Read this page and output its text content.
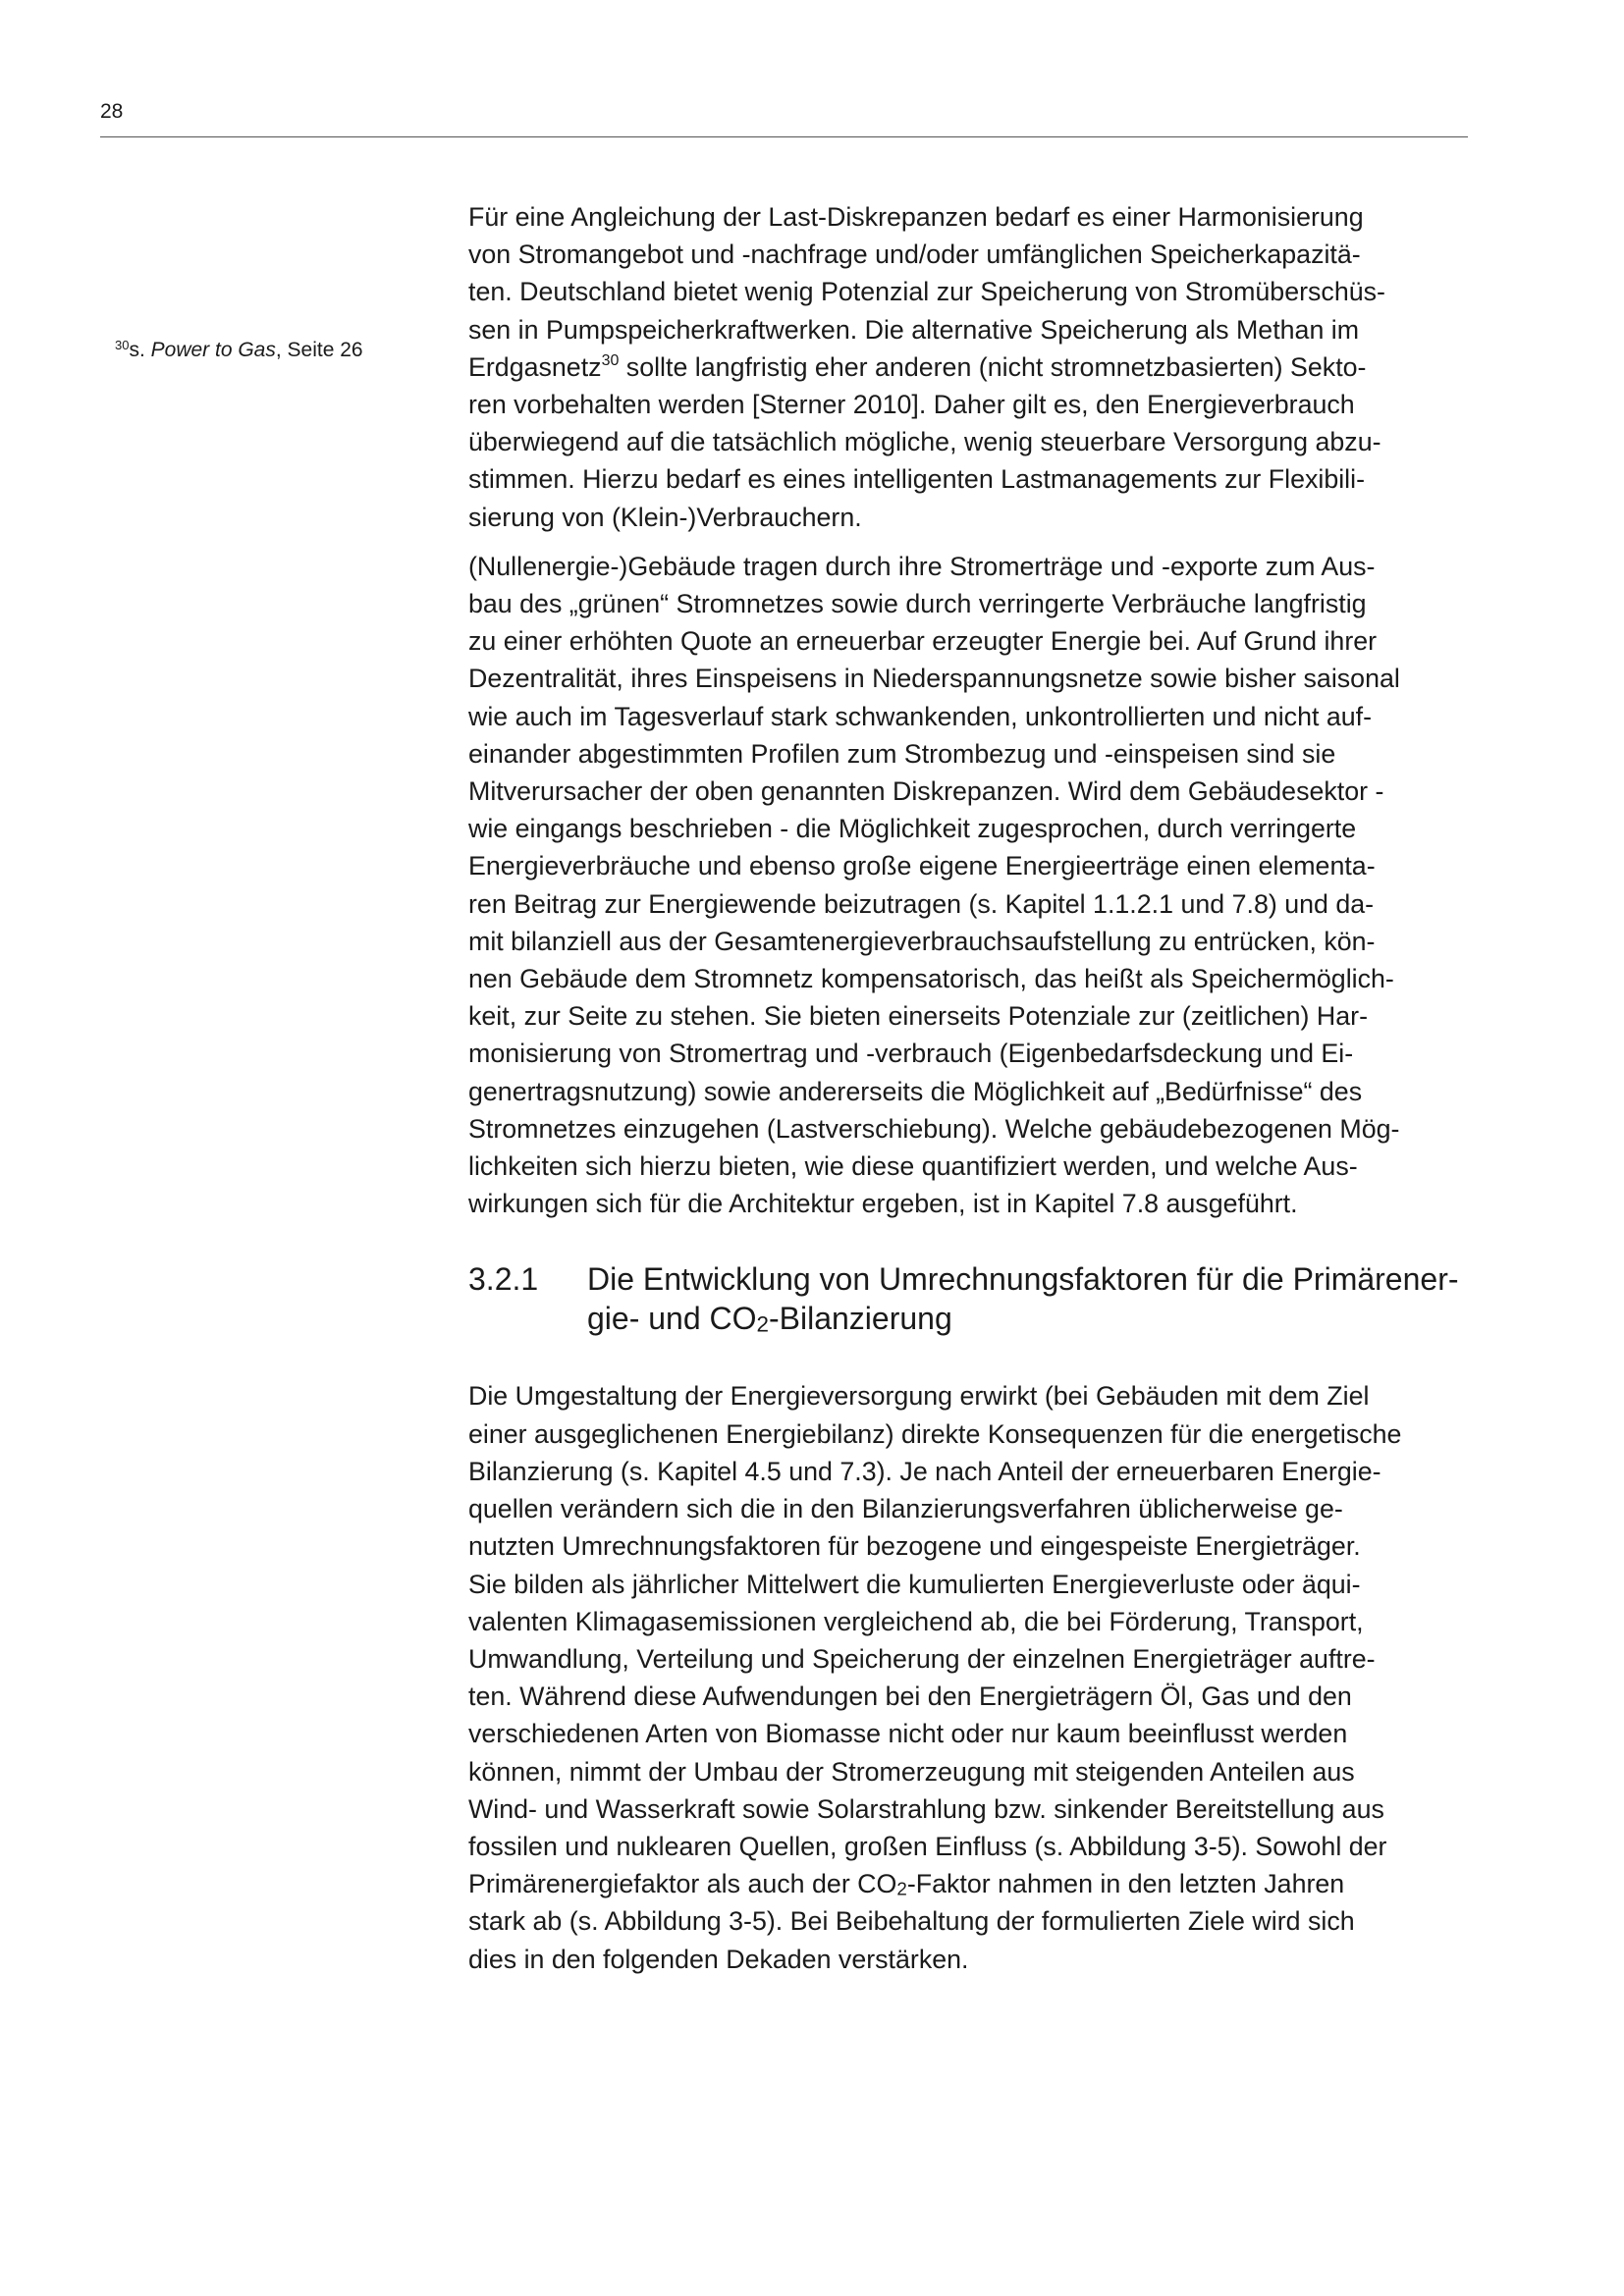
28
$^{30}$s. Power to Gas, Seite 26

Für eine Angleichung der Last-Diskrepanzen bedarf es einer Harmonisierung
von Stromangebot und -nachfrage und/oder umfänglichen Speicherkapazitä-
ten. Deutschland bietet wenig Potenzial zur Speicherung von Stromüberschüs-
sen in Pumpspeicherkraftwerken. Die alternative Speicherung als Methan im
Erdgasnetz$^{30}$ sollte langfristig eher anderen (nicht stromnetzbasierten) Sekto-
ren vorbehalten werden [Sterner 2010]. Daher gilt es, den Energieverbrauch
überwiegend auf die tatsächlich mögliche, wenig steuerbare Versorgung abzu-
stimmen. Hierzu bedarf es eines intelligenten Lastmanagements zur Flexibili-
sierung von (Klein-)Verbrauchern.

(Nullenergie-)Gebäude tragen durch ihre Stromerträge und -exporte zum Aus-
bau des „grünen“ Stromnetzes sowie durch verringerte Verbräuche langfristig
zu einer erhöhten Quote an erneuerbar erzeugter Energie bei. Auf Grund ihrer
Dezentralität, ihres Einspeisens in Niederspannungsnetze sowie bisher saisonal
wie auch im Tagesverlauf stark schwankenden, unkontrollierten und nicht auf-
einander abgestimmten Profilen zum Strombezug und -einspeisen sind sie
Mitverursacher der oben genannten Diskrepanzen. Wird dem Gebäudesektor -
wie eingangs beschrieben - die Möglichkeit zugesprochen, durch verringerte
Energieverbräuche und ebenso große eigene Energieerträge einen elementa-
ren Beitrag zur Energiewende beizutragen (s. Kapitel 1.1.2.1 und 7.8) und da-
mit bilanziell aus der Gesamtenergieverbrauchsaufstellung zu entrücken, kön-
nen Gebäude dem Stromnetz kompensatorisch, das heißt als Speichermöglich-
keit, zur Seite zu stehen. Sie bieten einerseits Potenziale zur (zeitlichen) Har-
monisierung von Stromertrag und -verbrauch (Eigenbedarfsdeckung und Ei-
genertragsnutzung) sowie andererseits die Möglichkeit auf „Bedürfnisse“ des
Stromnetzes einzugehen (Lastverschiebung). Welche gebäudebezogenen Mög-
lichkeiten sich hierzu bieten, wie diese quantifiziert werden, und welche Aus-
wirkungen sich für die Architektur ergeben, ist in Kapitel 7.8 ausgeführt.

3.2.1	Die Entwicklung von Umrechnungsfaktoren für die Primärener-
gie- und CO2-Bilanzierung

Die Umgestaltung der Energieversorgung erwirkt (bei Gebäuden mit dem Ziel
einer ausgeglichenen Energiebilanz) direkte Konsequenzen für die energetische
Bilanzierung (s. Kapitel 4.5 und 7.3). Je nach Anteil der erneuerbaren Energie-
quellen verändern sich die in den Bilanzierungsverfahren üblicherweise ge-
nutzten Umrechnungsfaktoren für bezogene und eingespeiste Energieträger.
Sie bilden als jährlicher Mittelwert die kumulierten Energieverluste oder äqui-
valenten Klimagasemissionen vergleichend ab, die bei Förderung, Transport,
Umwandlung, Verteilung und Speicherung der einzelnen Energieträger auftre-
ten. Während diese Aufwendungen bei den Energieträgern Öl, Gas und den
verschiedenen Arten von Biomasse nicht oder nur kaum beeinflusst werden
können, nimmt der Umbau der Stromerzeugung mit steigenden Anteilen aus
Wind- und Wasserkraft sowie Solarstrahlung bzw. sinkender Bereitstellung aus
fossilen und nuklearen Quellen, großen Einfluss (s. Abbildung 3-5). Sowohl der
Primärenergiefaktor als auch der CO2-Faktor nahmen in den letzten Jahren
stark ab (s. Abbildung 3-5). Bei Beibehaltung der formulierten Ziele wird sich
dies in den folgenden Dekaden verstärken.
